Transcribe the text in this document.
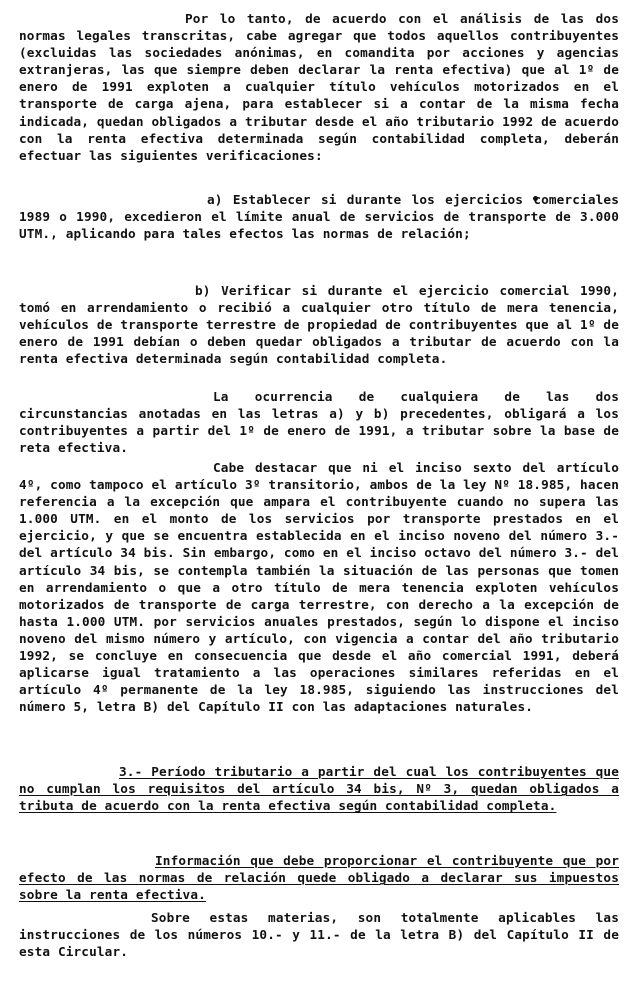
Por lo tanto, de acuerdo con el análisis de las dos normas legales transcritas, cabe agregar que todos aquellos contribuyentes (excluidas las sociedades anónimas, en comandita por acciones y agencias extranjeras, las que siempre deben declarar la renta efectiva) que al 1º de enero de 1991 exploten a cualquier título vehículos motorizados en el transporte de carga ajena, para establecer si a contar de la misma fecha indicada, quedan obligados a tributar desde el año tributario 1992 de acuerdo con la renta efectiva determinada según contabilidad completa, deberán efectuar las siguientes verificaciones:

a) Establecer si durante los ejercicios comerciales 1989 o 1990, excedieron el límite anual de servicios de transporte de 3.000 UTM., aplicando para tales efectos las normas de relación;

b) Verificar si durante el ejercicio comercial 1990, tomó en arrendamiento o recibió a cualquier otro título de mera tenencia, vehículos de transporte terrestre de propiedad de contribuyentes que al 1º de enero de 1991 debían o deben quedar obligados a tributar de acuerdo con la renta efectiva determinada según contabilidad completa.

La ocurrencia de cualquiera de las dos circunstancias anotadas en las letras a) y b) precedentes, obligará a los contribuyentes a partir del 1º de enero de 1991, a tributar sobre la base de reta efectiva.

Cabe destacar que ni el inciso sexto del artículo 4º, como tampoco el artículo 3º transitorio, ambos de la ley Nº 18.985, hacen referencia a la excepción que ampara el contribuyente cuando no supera las 1.000 UTM. en el monto de los servicios por transporte prestados en el ejercicio, y que se encuentra establecida en el inciso noveno del número 3.- del artículo 34 bis. Sin embargo, como en el inciso octavo del número 3.- del artículo 34 bis, se contempla también la situación de las personas que tomen en arrendamiento o que a otro título de mera tenencia exploten vehículos motorizados de transporte de carga terrestre, con derecho a la excepción de hasta 1.000 UTM. por servicios anuales prestados, según lo dispone el inciso noveno del mismo número y artículo, con vigencia a contar del año tributario 1992, se concluye en consecuencia que desde el año comercial 1991, deberá aplicarse igual tratamiento a las operaciones similares referidas en el artículo 4º permanente de la ley 18.985, siguiendo las instrucciones del número 5, letra B) del Capítulo II con las adaptaciones naturales.

3.- Período tributario a partir del cual los contribuyentes que no cumplan los requisitos del artículo 34 bis, Nº 3, quedan obligados a tributa de acuerdo con la renta efectiva según contabilidad completa.

Información que debe proporcionar el contribuyente que por efecto de las normas de relación quede obligado a declarar sus impuestos sobre la renta efectiva.

Sobre estas materias, son totalmente aplicables las instrucciones de los números 10.- y 11.- de la letra B) del Capítulo II de esta Circular.
